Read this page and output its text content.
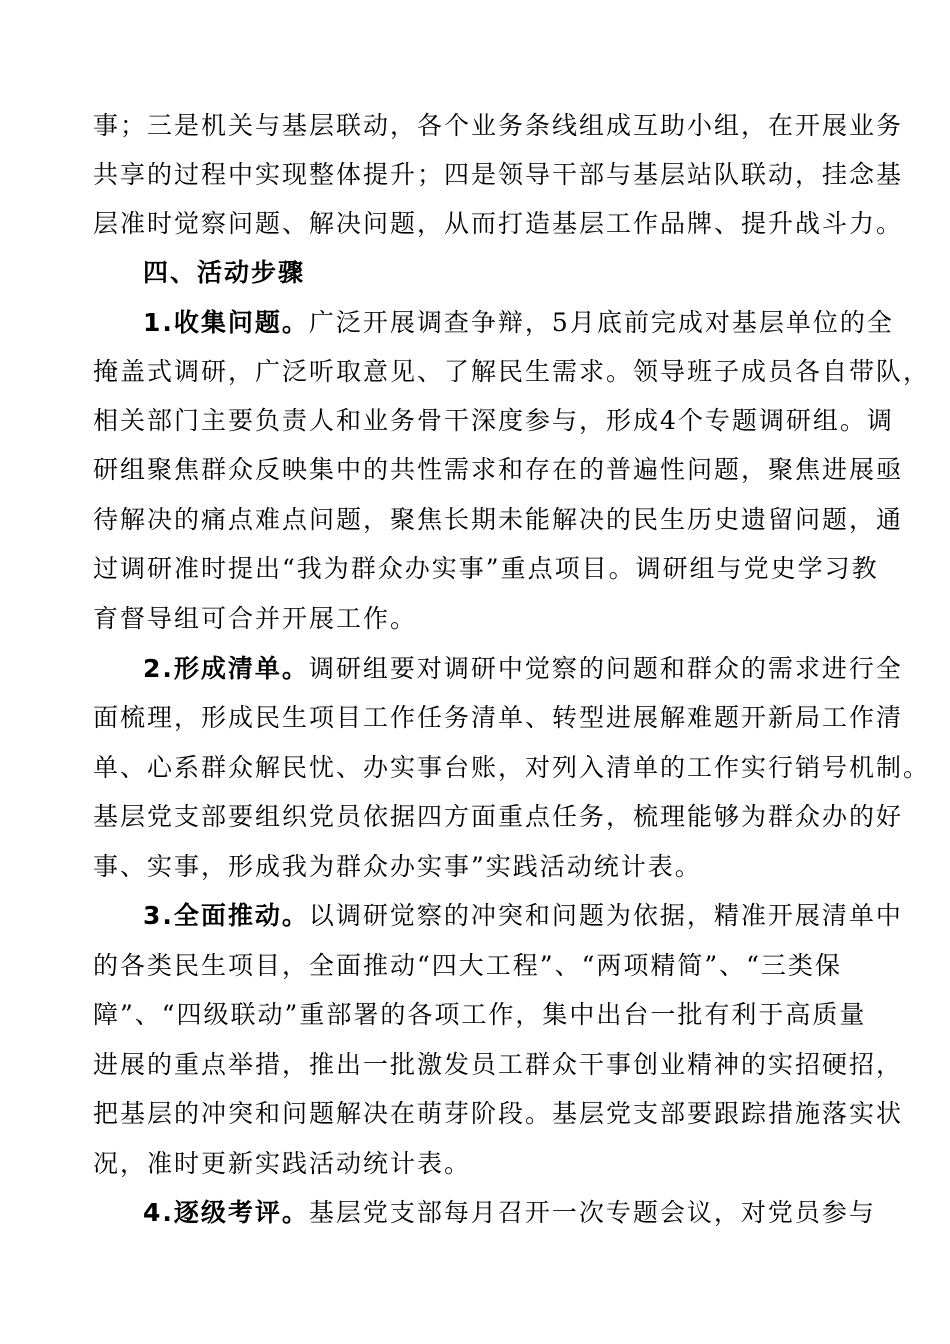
事；三是机关与基层联动，各个业务条线组成互助小组，在开展业务
共享的过程中实现整体提升；四是领导干部与基层站队联动，挂念基
层准时觉察问题、解决问题，从而打造基层工作品牌、提升战斗力。
四、活动步骤
1.收集问题。广泛开展调查争辩，5月底前完成对基层单位的全
掩盖式调研，广泛听取意见、了解民生需求。领导班子成员各自带队，
相关部门主要负责人和业务骨干深度参与，形成4个专题调研组。调
研组聚焦群众反映集中的共性需求和存在的普遍性问题，聚焦进展亟
待解决的痛点难点问题，聚焦长期未能解决的民生历史遗留问题，通
过调研准时提出“我为群众办实事”重点项目。调研组与党史学习教
育督导组可合并开展工作。
2.形成清单。调研组要对调研中觉察的问题和群众的需求进行全
面梳理，形成民生项目工作任务清单、转型进展解难题开新局工作清
单、心系群众解民忧、办实事台账，对列入清单的工作实行销号机制。
基层党支部要组织党员依据四方面重点任务，梳理能够为群众办的好
事、实事，形成我为群众办实事”实践活动统计表。
3.全面推动。以调研觉察的冲突和问题为依据，精准开展清单中
的各类民生项目，全面推动“四大工程”、“两项精简”、“三类保
障”、“四级联动”重部署的各项工作，集中出台一批有利于高质量
进展的重点举措，推出一批激发员工群众干事创业精神的实招硬招，
把基层的冲突和问题解决在萌芽阶段。基层党支部要跟踪措施落实状
况，准时更新实践活动统计表。
4.逐级考评。基层党支部每月召开一次专题会议，对党员参与
